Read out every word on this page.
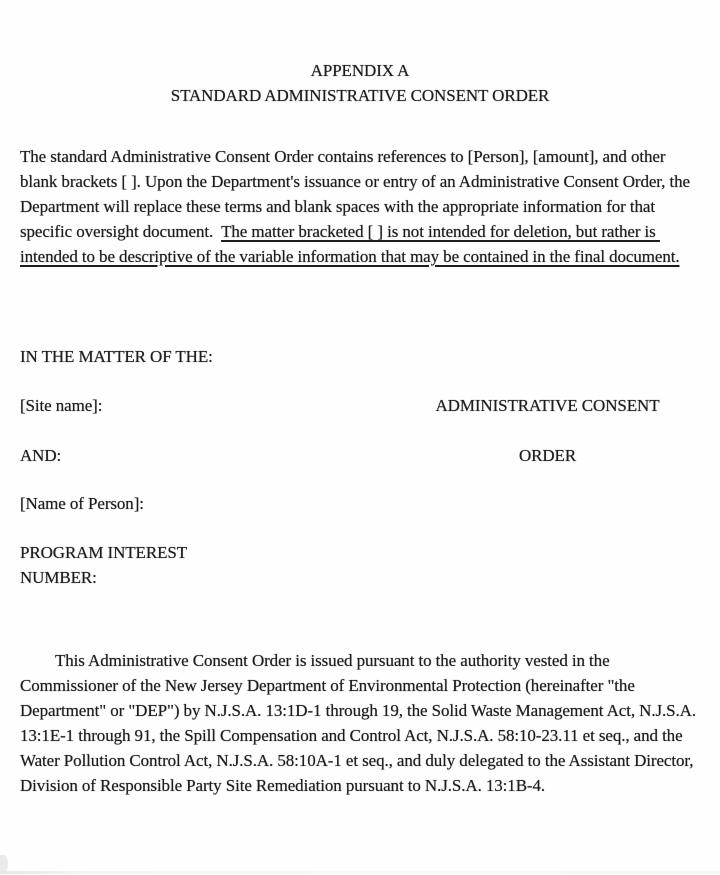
APPENDIX A
STANDARD ADMINISTRATIVE CONSENT ORDER

The standard Administrative Consent Order contains references to [Person], [amount], and other blank brackets [ ]. Upon the Department's issuance or entry of an Administrative Consent Order, the Department will replace these terms and blank spaces with the appropriate information for that specific oversight document.  The matter bracketed [ ] is not intended for deletion, but rather is intended to be descriptive of the variable information that may be contained in the final document.

IN THE MATTER OF THE:
[Site name]:	ADMINISTRATIVE CONSENT
AND:	ORDER
[Name of Person]:
PROGRAM INTEREST
NUMBER:

This Administrative Consent Order is issued pursuant to the authority vested in the Commissioner of the New Jersey Department of Environmental Protection (hereinafter "the Department" or "DEP") by N.J.S.A. 13:1D-1 through 19, the Solid Waste Management Act, N.J.S.A. 13:1E-1 through 91, the Spill Compensation and Control Act, N.J.S.A. 58:10-23.11 et seq., and the Water Pollution Control Act, N.J.S.A. 58:10A-1 et seq., and duly delegated to the Assistant Director, Division of Responsible Party Site Remediation pursuant to N.J.S.A. 13:1B-4.
